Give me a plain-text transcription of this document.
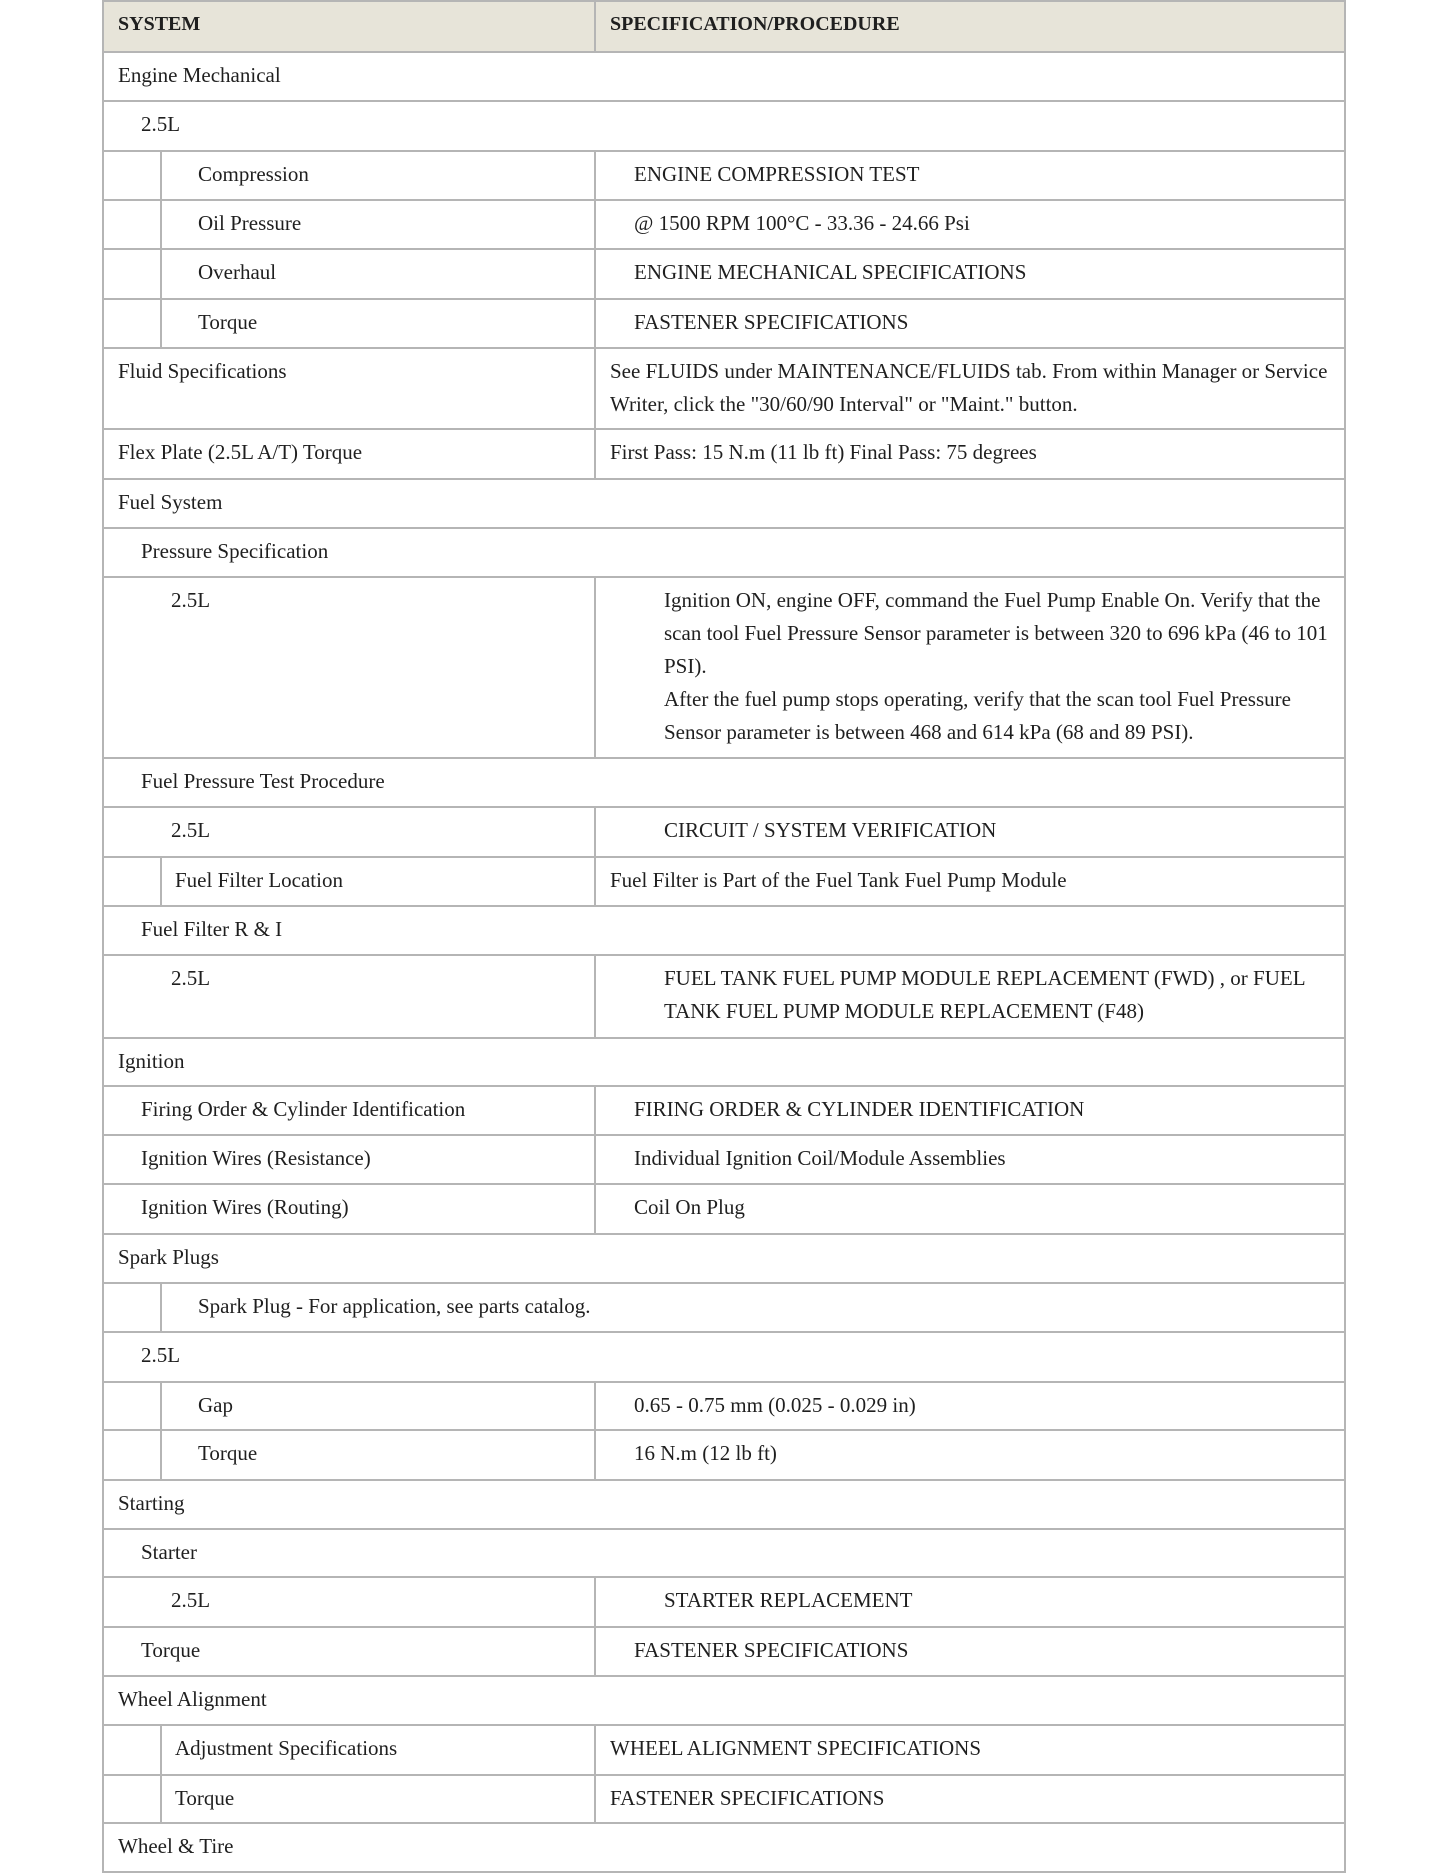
SYSTEM	SPECIFICATION/PROCEDURE
Engine Mechanical
2.5L
Compression	ENGINE COMPRESSION TEST
Oil Pressure	@ 1500 RPM 100°C - 33.36 - 24.66 Psi
Overhaul	ENGINE MECHANICAL SPECIFICATIONS
Torque	FASTENER SPECIFICATIONS
Fluid Specifications	See FLUIDS under MAINTENANCE/FLUIDS tab. From within Manager or Service Writer, click the "30/60/90 Interval" or "Maint." button.
Flex Plate (2.5L A/T) Torque	First Pass: 15 N.m (11 lb ft) Final Pass: 75 degrees
Fuel System
Pressure Specification
2.5L	Ignition ON, engine OFF, command the Fuel Pump Enable On. Verify that the scan tool Fuel Pressure Sensor parameter is between 320 to 696 kPa (46 to 101 PSI).
After the fuel pump stops operating, verify that the scan tool Fuel Pressure Sensor parameter is between 468 and 614 kPa (68 and 89 PSI).
Fuel Pressure Test Procedure
2.5L	CIRCUIT / SYSTEM VERIFICATION
Fuel Filter Location	Fuel Filter is Part of the Fuel Tank Fuel Pump Module
Fuel Filter R & I
2.5L	FUEL TANK FUEL PUMP MODULE REPLACEMENT (FWD) , or FUEL TANK FUEL PUMP MODULE REPLACEMENT (F48)
Ignition
Firing Order & Cylinder Identification	FIRING ORDER & CYLINDER IDENTIFICATION
Ignition Wires (Resistance)	Individual Ignition Coil/Module Assemblies
Ignition Wires (Routing)	Coil On Plug
Spark Plugs
Spark Plug - For application, see parts catalog.
2.5L
Gap	0.65 - 0.75 mm (0.025 - 0.029 in)
Torque	16 N.m (12 lb ft)
Starting
Starter
2.5L	STARTER REPLACEMENT
Torque	FASTENER SPECIFICATIONS
Wheel Alignment
Adjustment Specifications	WHEEL ALIGNMENT SPECIFICATIONS
Torque	FASTENER SPECIFICATIONS
Wheel & Tire
